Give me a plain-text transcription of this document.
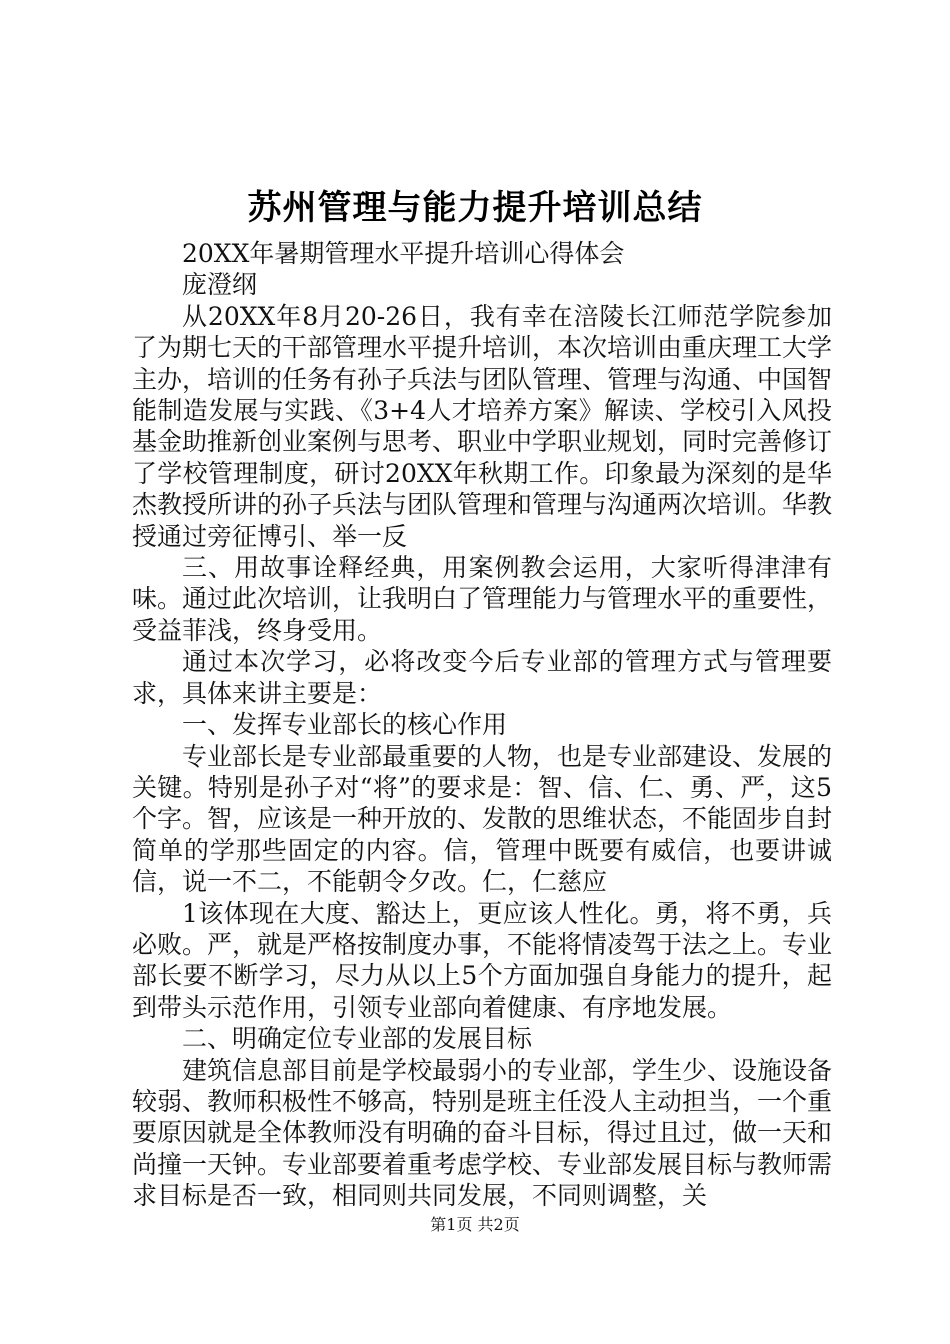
苏州管理与能力提升培训总结

20XX年暑期管理水平提升培训心得体会

庞澄纲

从20XX年8月20-26日，我有幸在涪陵长江师范学院参加了为期七天的干部管理水平提升培训，本次培训由重庆理工大学主办，培训的任务有孙子兵法与团队管理、管理与沟通、中国智能制造发展与实践、《3+4人才培养方案》解读、学校引入风投基金助推新创业案例与思考、职业中学职业规划，同时完善修订了学校管理制度，研讨20XX年秋期工作。印象最为深刻的是华杰教授所讲的孙子兵法与团队管理和管理与沟通两次培训。华教授通过旁征博引、举一反

三、用故事诠释经典，用案例教会运用，大家听得津津有味。通过此次培训，让我明白了管理能力与管理水平的重要性，受益菲浅，终身受用。

通过本次学习，必将改变今后专业部的管理方式与管理要求，具体来讲主要是：

一、发挥专业部长的核心作用

专业部长是专业部最重要的人物，也是专业部建设、发展的关键。特别是孙子对“将”的要求是：智、信、仁、勇、严，这5个字。智，应该是一种开放的、发散的思维状态，不能固步自封简单的学那些固定的内容。信，管理中既要有威信，也要讲诚信，说一不二，不能朝令夕改。仁，仁慈应

1该体现在大度、豁达上，更应该人性化。勇，将不勇，兵必败。严，就是严格按制度办事，不能将情凌驾于法之上。专业部长要不断学习，尽力从以上5个方面加强自身能力的提升，起到带头示范作用，引领专业部向着健康、有序地发展。

二、明确定位专业部的发展目标

建筑信息部目前是学校最弱小的专业部，学生少、设施设备较弱、教师积极性不够高，特别是班主任没人主动担当，一个重要原因就是全体教师没有明确的奋斗目标，得过且过，做一天和尚撞一天钟。专业部要着重考虑学校、专业部发展目标与教师需求目标是否一致，相同则共同发展，不同则调整，关

第1页 共2页
